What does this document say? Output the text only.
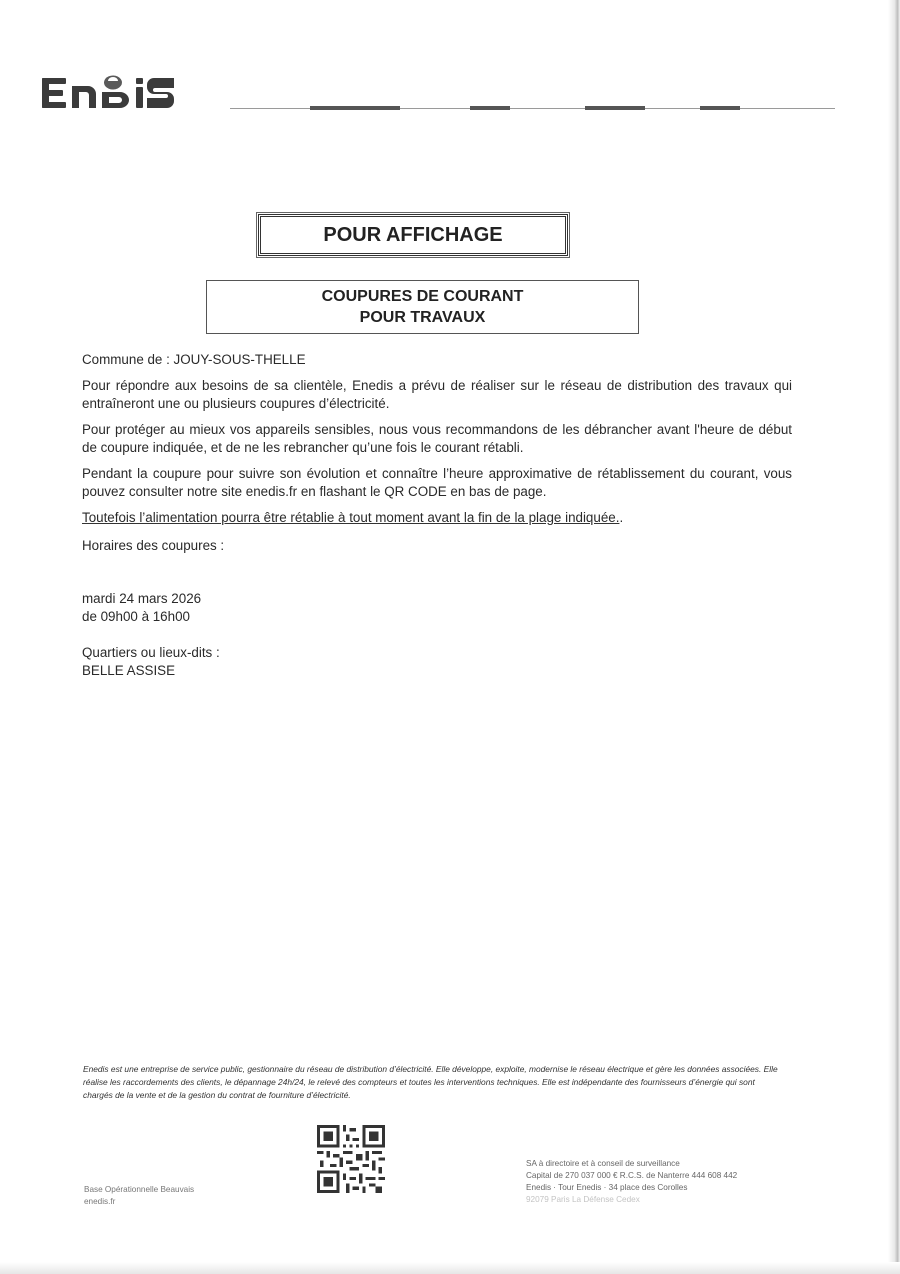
POUR AFFICHAGE
COUPURES DE COURANT
POUR TRAVAUX

Commune de : JOUY-SOUS-THELLE

Pour répondre aux besoins de sa clientèle, Enedis a prévu de réaliser sur le réseau de distribution des travaux qui entraîneront une ou plusieurs coupures d’électricité.

Pour protéger au mieux vos appareils sensibles, nous vous recommandons de les débrancher avant l'heure de début de coupure indiquée, et de ne les rebrancher qu’une fois le courant rétabli.

Pendant la coupure pour suivre son évolution et connaître l’heure approximative de rétablissement du courant, vous pouvez consulter notre site enedis.fr en flashant le QR CODE en bas de page.

Toutefois l’alimentation pourra être rétablie à tout moment avant la fin de la plage indiquée..

Horaires des coupures :

mardi 24 mars 2026

de 09h00 à 16h00

Quartiers ou lieux-dits :

BELLE ASSISE

Enedis est une entreprise de service public, gestionnaire du réseau de distribution d’électricité. Elle développe, exploite, modernise le réseau électrique et gère les données associées. Elle réalise les raccordements des clients, le dépannage 24h/24, le relevé des compteurs et toutes les interventions techniques. Elle est indépendante des fournisseurs d’énergie qui sont chargés de la vente et de la gestion du contrat de fourniture d’électricité.

Base Opérationnelle Beauvais
enedis.fr
SA à directoire et à conseil de surveillance
Capital de 270 037 000 € R.C.S. de Nanterre 444 608 442
Enedis · Tour Enedis · 34 place des Corolles
92079 Paris La Défense Cedex
